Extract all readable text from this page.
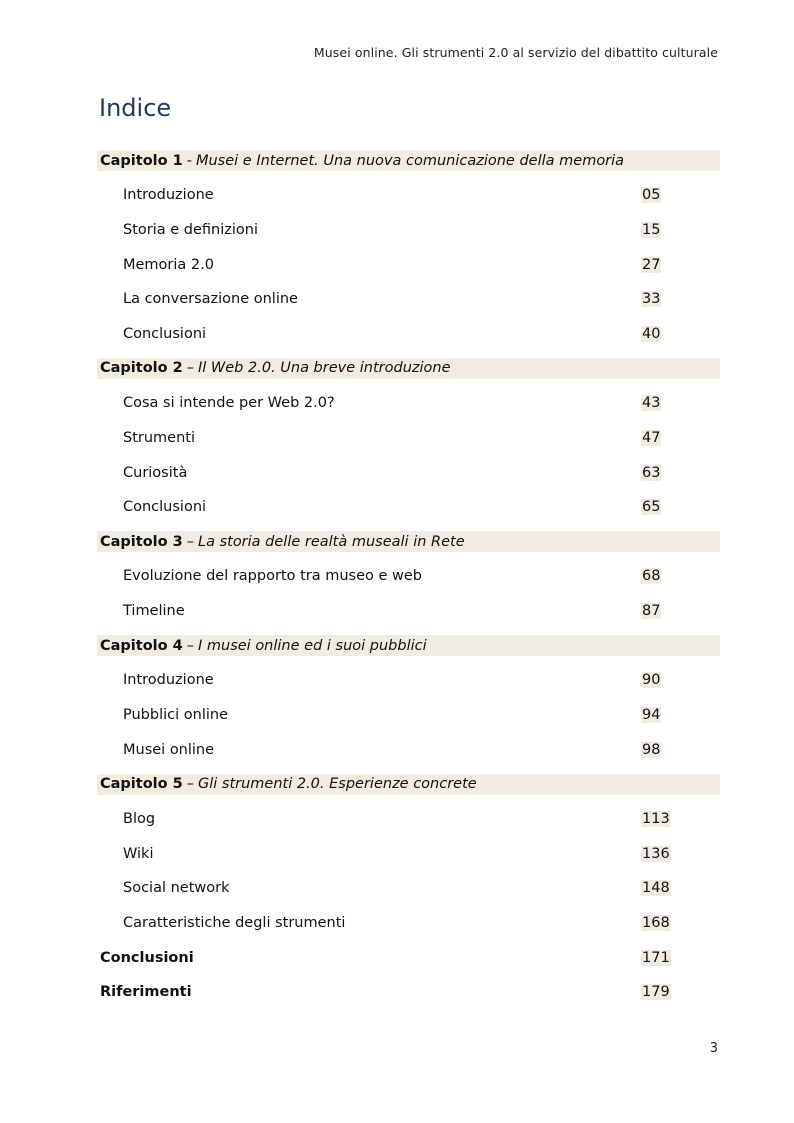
Musei online. Gli strumenti 2.0 al servizio del dibattito culturale
Indice
Capitolo 1 - Musei e Internet. Una nuova comunicazione della memoria
Introduzione	05
Storia e definizioni	15
Memoria 2.0	27
La conversazione online	33
Conclusioni	40
Capitolo 2 – Il Web 2.0. Una breve introduzione
Cosa si intende per Web 2.0?	43
Strumenti	47
Curiosità	63
Conclusioni	65
Capitolo 3 – La storia delle realtà museali in Rete
Evoluzione del rapporto tra museo e web	68
Timeline	87
Capitolo 4 – I musei online ed i suoi pubblici
Introduzione	90
Pubblici online	94
Musei online	98
Capitolo 5 – Gli strumenti 2.0. Esperienze concrete
Blog	113
Wiki	136
Social network	148
Caratteristiche degli strumenti	168
Conclusioni	171
Riferimenti	179
3
